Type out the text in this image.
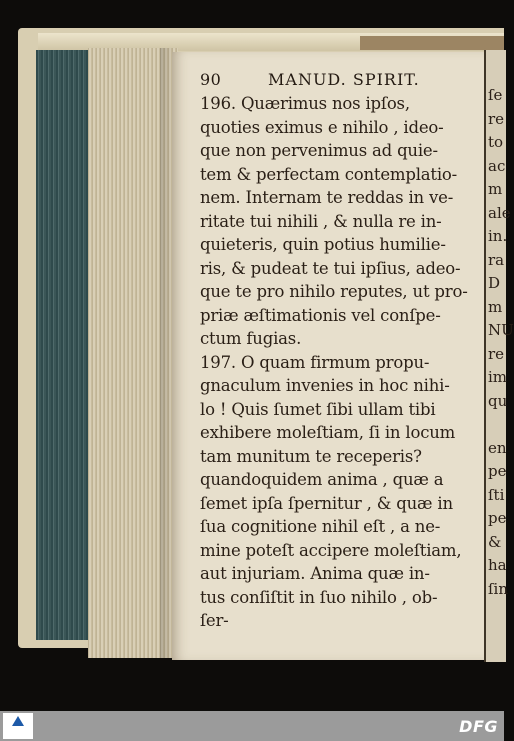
ſe
re
to
ac
m
ale
in.
ra
D
m
NU
re
im
qu
en
pe
ſti
pe
&
ha
ſin
90	MANUD. SPIRIT.
196. Quærimus nos ipſos,
quoties eximus e nihilo , ideo-
que non pervenimus ad quie-
tem & perfectam contemplatio-
nem. Internam te reddas in ve-
ritate tui nihili , & nulla re in-
quieteris, quin potius humilie-
ris, & pudeat te tui ipſius, adeo-
que te pro nihilo reputes, ut pro-
priæ æſtimationis vel conſpe-
ctum fugias.
197. O quam firmum propu-
gnaculum invenies in hoc nihi-
lo ! Quis ſumet ſibi ullam tibi
exhibere moleſtiam, ſi in locum
tam munitum te receperis?
quandoquidem anima , quæ a
ſemet ipſa ſpernitur , & quæ in
ſua cognitione nihil eſt , a ne-
mine poteſt accipere moleſtiam,
aut injuriam. Anima quæ in-
tus conſiſtit in ſuo nihilo , ob-
ſer-
DFG
